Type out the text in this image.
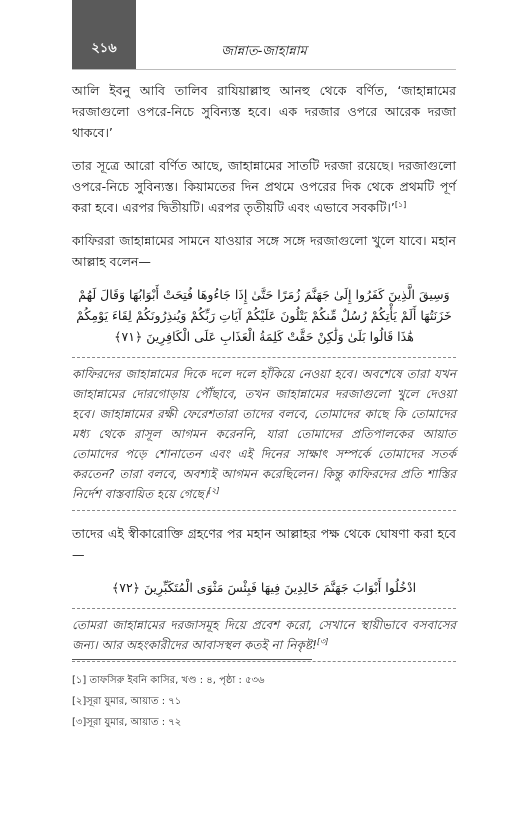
২১৬	জান্নাত-জাহান্নাম

আলি ইবনু আবি তালিব রাযিয়াল্লাহু আনহু থেকে বর্ণিত, ‘জাহান্নামের দরজাগুলো ওপরে-নিচে সুবিন্যস্ত হবে। এক দরজার ওপরে আরেক দরজা থাকবে।’

তার সূত্রে আরো বর্ণিত আছে, জাহান্নামের সাতটি দরজা রয়েছে। দরজাগুলো ওপরে-নিচে সুবিন্যস্ত। কিয়ামতের দিন প্রথমে ওপরের দিক থেকে প্রথমটি পূর্ণ করা হবে। এরপর দ্বিতীয়টি। এরপর তৃতীয়টি এবং এভাবে সবকটি।’[১]

কাফিররা জাহান্নামের সামনে যাওয়ার সঙ্গে সঙ্গে দরজাগুলো খুলে যাবে। মহান আল্লাহ বলেন—

وَسِيقَ الَّذِينَ كَفَرُوا إِلَىٰ جَهَنَّمَ زُمَرًا حَتَّىٰ إِذَا جَاءُوهَا فُتِحَتْ أَبْوَابُهَا وَقَالَ لَهُمْ خَزَنَتُهَا أَلَمْ يَأْتِكُمْ رُسُلٌ مِّنكُمْ يَتْلُونَ عَلَيْكُمْ آيَاتِ رَبِّكُمْ وَيُنذِرُونَكُمْ لِقَاءَ يَوْمِكُمْ هَٰذَا قَالُوا بَلَىٰ وَلَٰكِنْ حَقَّتْ كَلِمَةُ الْعَذَابِ عَلَى الْكَافِرِينَ ﴿٧١﴾

কাফিরদের জাহান্নামের দিকে দলে দলে হাঁকিয়ে নেওয়া হবে। অবশেষে তারা যখন জাহান্নামের দোরগোড়ায় পৌঁছাবে, তখন জাহান্নামের দরজাগুলো খুলে দেওয়া হবে। জাহান্নামের রক্ষী ফেরেশতারা তাদের বলবে, তোমাদের কাছে কি তোমাদের মধ্য থেকে রাসূল আগমন করেননি, যারা তোমাদের প্রতিপালকের আয়াত তোমাদের পড়ে শোনাতেন এবং এই দিনের সাক্ষাৎ সম্পর্কে তোমাদের সতর্ক করতেন? তারা বলবে, অবশ্যই আগমন করেছিলেন। কিন্তু কাফিরদের প্রতি শাস্তির নির্দেশ বাস্তবায়িত হয়ে গেছে।[২]

তাদের এই স্বীকারোক্তি গ্রহণের পর মহান আল্লাহর পক্ষ থেকে ঘোষণা করা হবে—

ادْخُلُوا أَبْوَابَ جَهَنَّمَ خَالِدِينَ فِيهَا فَبِئْسَ مَثْوَى الْمُتَكَبِّرِينَ ﴿٧٢﴾

তোমরা জাহান্নামের দরজাসমূহ দিয়ে প্রবেশ করো, সেখানে স্থায়ীভাবে বসবাসের জন্য। আর অহংকারীদের আবাসস্থল কতই না নিকৃষ্ট![৩]

[১] তাফসিরু ইবনি কাসির, খণ্ড : ৪, পৃষ্ঠা : ৫৩৬
[২]সূরা যুমার, আয়াত : ৭১
[৩]সূরা যুমার, আয়াত : ৭২
